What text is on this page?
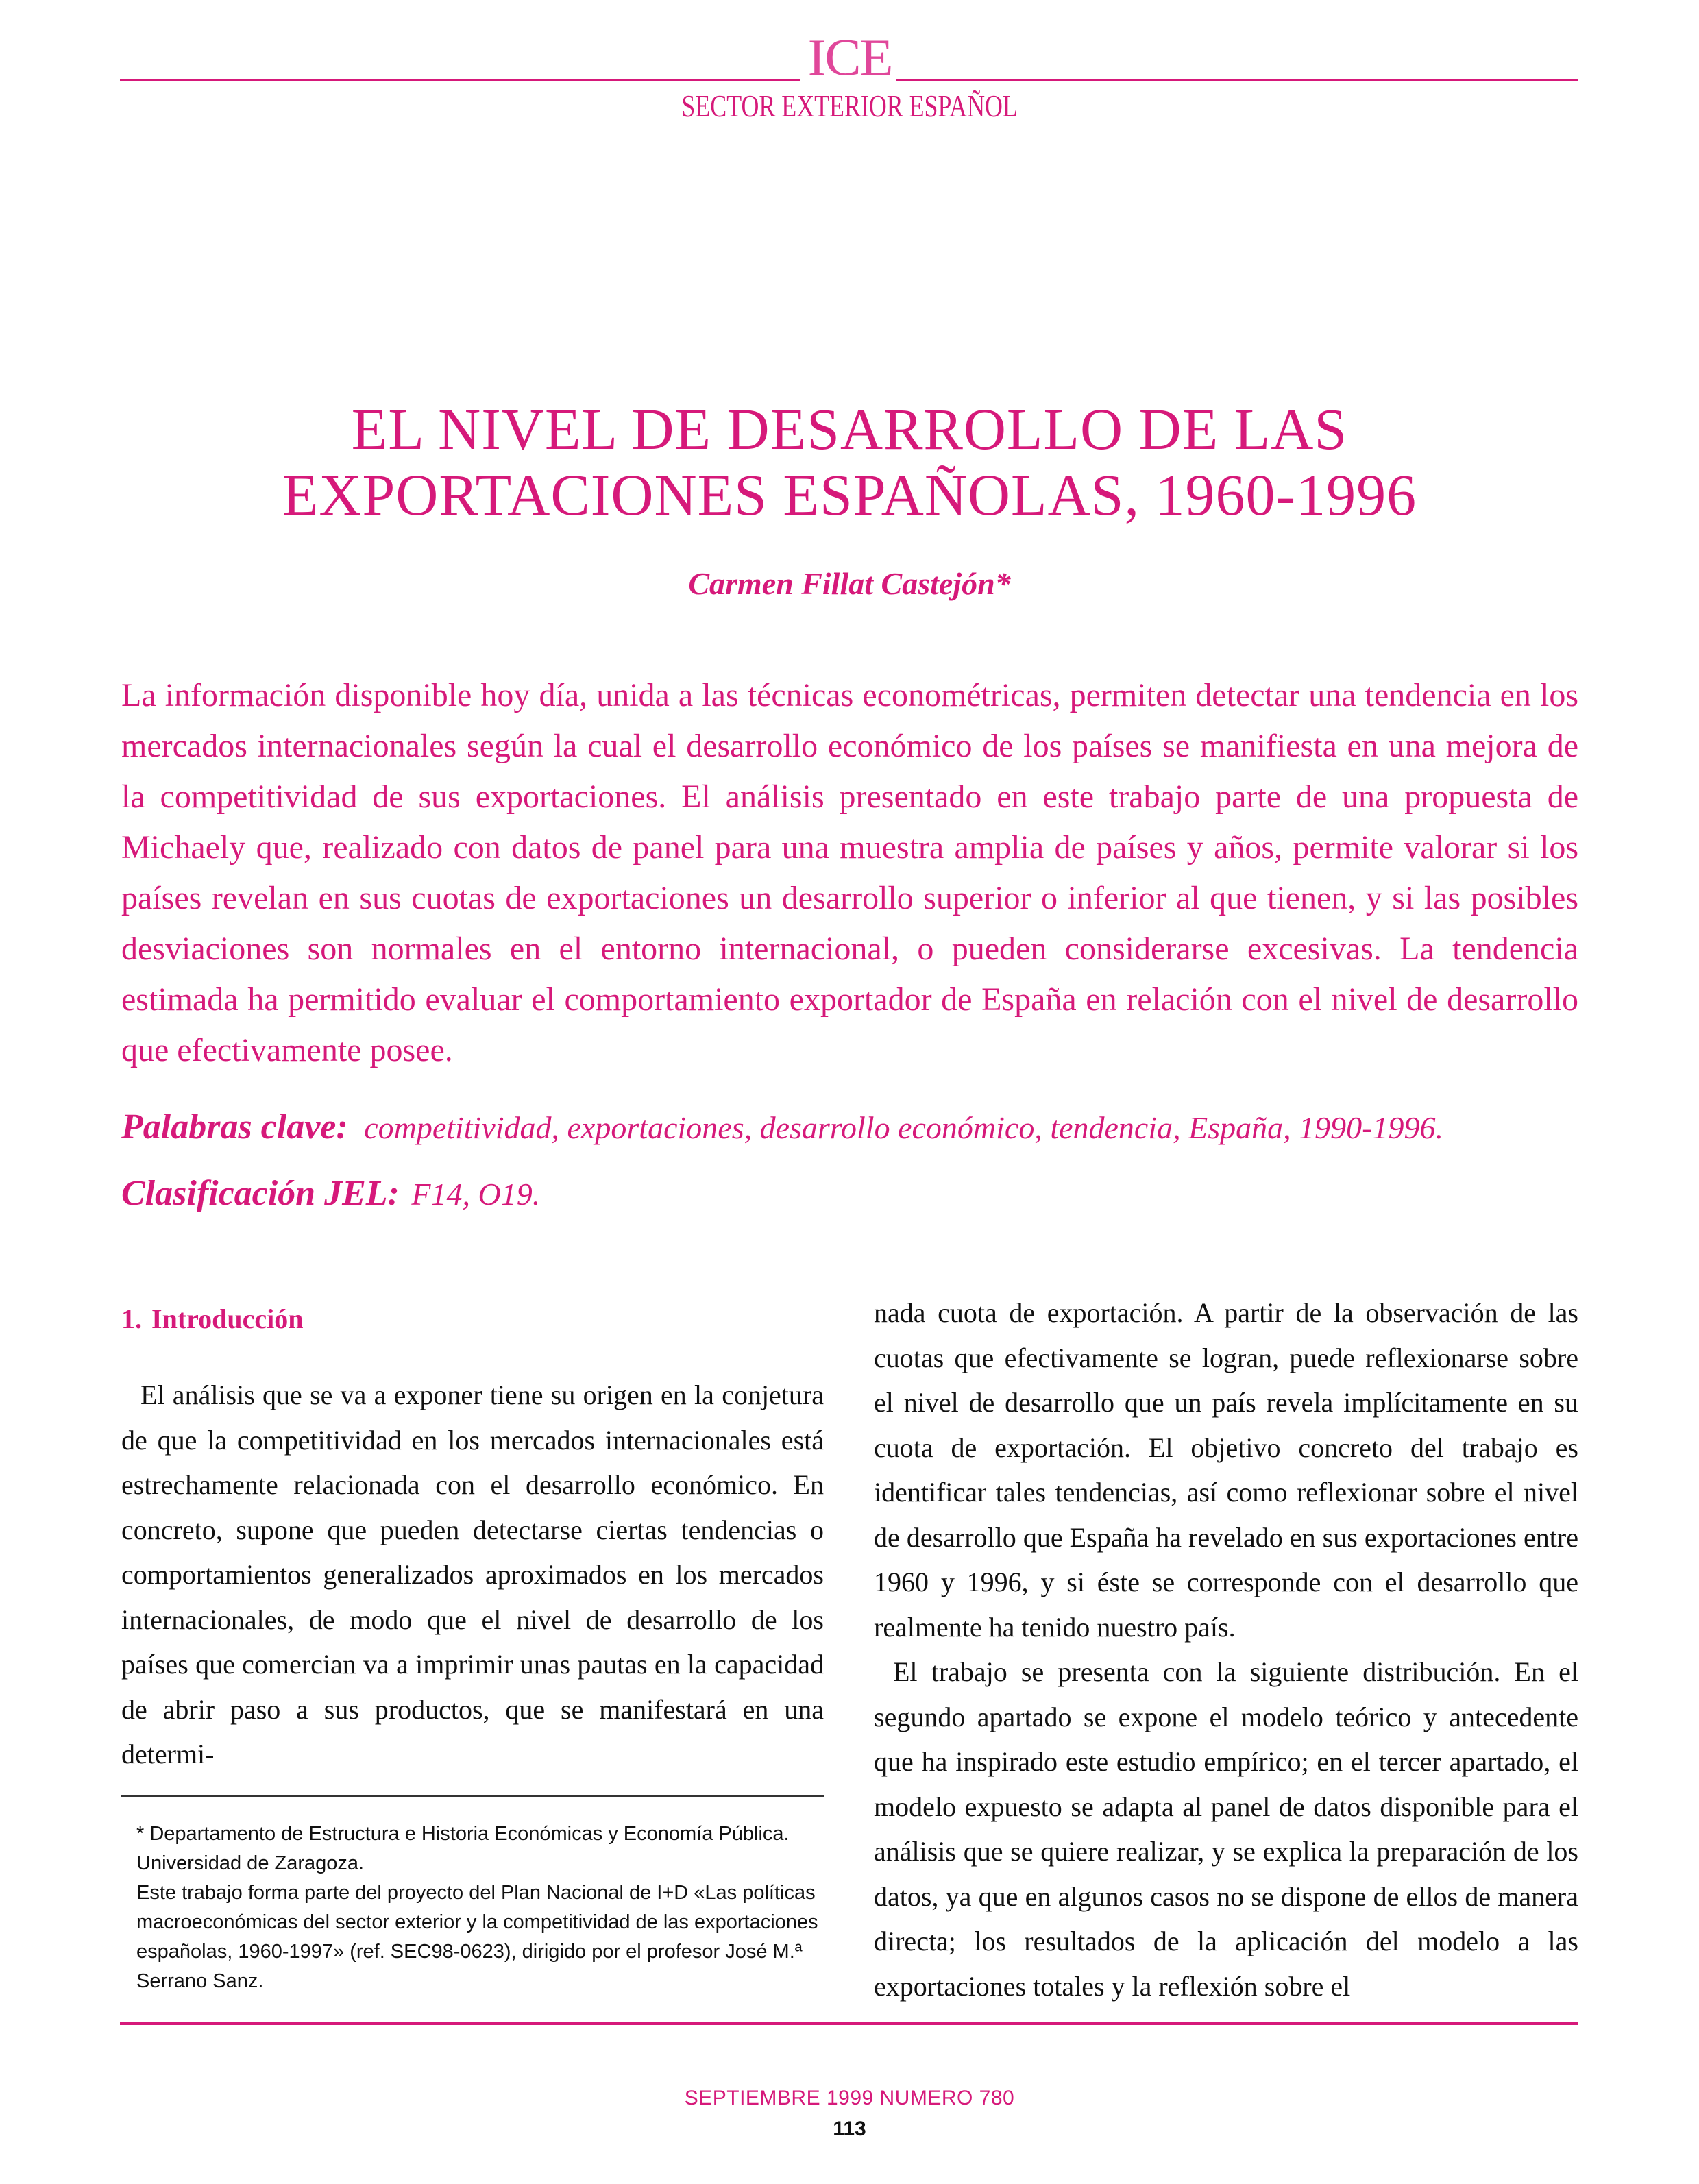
ICE
SECTOR EXTERIOR ESPAÑOL
EL NIVEL DE DESARROLLO DE LAS
EXPORTACIONES ESPAÑOLAS, 1960-1996
Carmen Fillat Castejón*
La información disponible hoy día, unida a las técnicas econométricas, permiten detectar una tendencia en los mercados internacionales según la cual el desarrollo económico de los países se manifiesta en una mejora de la competitividad de sus exportaciones. El análisis presentado en este trabajo parte de una propuesta de Michaely que, realizado con datos de panel para una muestra amplia de países y años, permite valorar si los países revelan en sus cuotas de exportaciones un desarrollo superior o inferior al que tienen, y si las posibles desviaciones son normales en el entorno internacional, o pueden considerarse excesivas. La tendencia estimada ha permitido evaluar el comportamiento exportador de España en relación con el nivel de desarrollo que efectivamente posee.
Palabras clave: competitividad, exportaciones, desarrollo económico, tendencia, España, 1990-1996.
Clasificación JEL: F14, O19.
1. Introducción

El análisis que se va a exponer tiene su origen en la conjetura de que la competitividad en los mercados internacionales está estrechamente relacionada con el desarrollo económico. En concreto, supone que pueden detectarse ciertas tendencias o comportamientos generalizados aproximados en los mercados internacionales, de modo que el nivel de desarrollo de los países que comercian va a imprimir unas pautas en la capacidad de abrir paso a sus productos, que se manifestará en una determi-

* Departamento de Estructura e Historia Económicas y Economía Pública. Universidad de Zaragoza.

Este trabajo forma parte del proyecto del Plan Nacional de I+D «Las políticas macroeconómicas del sector exterior y la competitividad de las exportaciones españolas, 1960-1997» (ref. SEC98-0623), dirigido por el profesor José M.ª Serrano Sanz.

nada cuota de exportación. A partir de la observación de las cuotas que efectivamente se logran, puede reflexionarse sobre el nivel de desarrollo que un país revela implícitamente en su cuota de exportación. El objetivo concreto del trabajo es identificar tales tendencias, así como reflexionar sobre el nivel de desarrollo que España ha revelado en sus exportaciones entre 1960 y 1996, y si éste se corresponde con el desarrollo que realmente ha tenido nuestro país.

El trabajo se presenta con la siguiente distribución. En el segundo apartado se expone el modelo teórico y antecedente que ha inspirado este estudio empírico; en el tercer apartado, el modelo expuesto se adapta al panel de datos disponible para el análisis que se quiere realizar, y se explica la preparación de los datos, ya que en algunos casos no se dispone de ellos de manera directa; los resultados de la aplicación del modelo a las exportaciones totales y la reflexión sobre el

SEPTIEMBRE 1999 NUMERO 780
113
